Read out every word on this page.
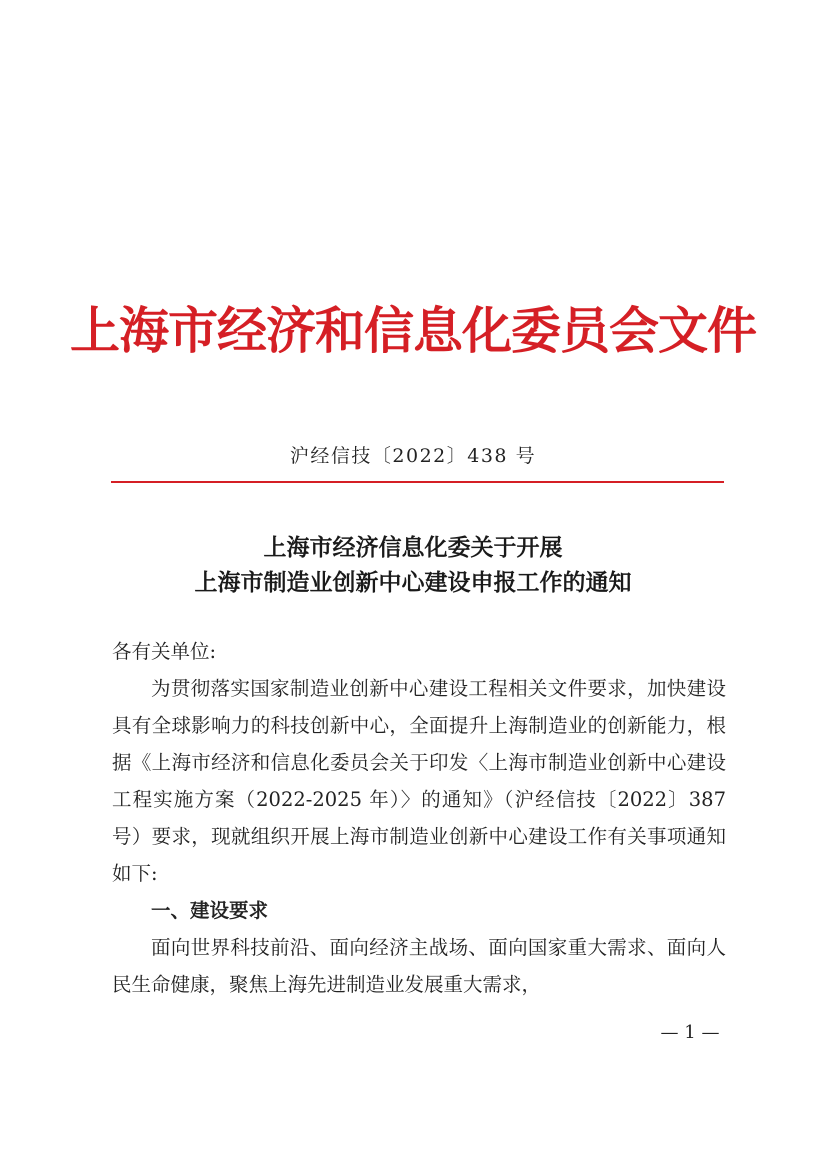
上海市经济和信息化委员会文件
沪经信技〔2022〕438 号
上海市经济信息化委关于开展
上海市制造业创新中心建设申报工作的通知

各有关单位:

为贯彻落实国家制造业创新中心建设工程相关文件要求，加快建设具有全球影响力的科技创新中心，全面提升上海制造业的创新能力，根据《上海市经济和信息化委员会关于印发〈上海市制造业创新中心建设工程实施方案（2022-2025 年）〉的通知》（沪经信技〔2022〕387 号）要求，现就组织开展上海市制造业创新中心建设工作有关事项通知如下:

一、建设要求

面向世界科技前沿、面向经济主战场、面向国家重大需求、面向人民生命健康，聚焦上海先进制造业发展重大需求，

— 1 —
